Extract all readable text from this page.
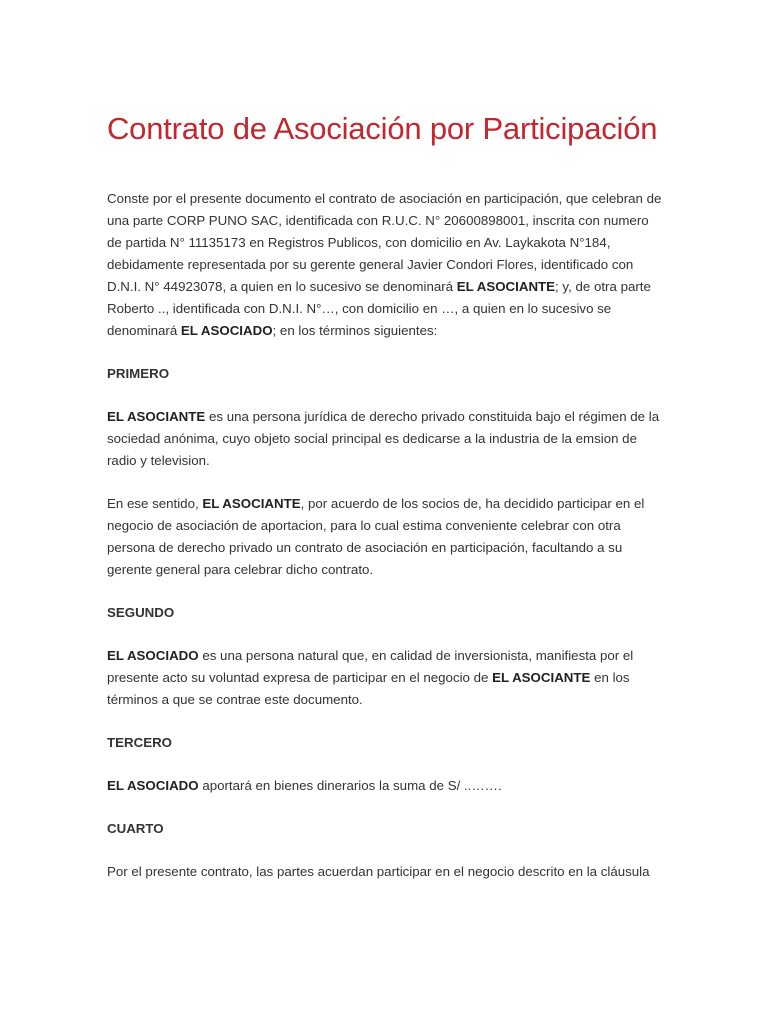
Contrato de Asociación por Participación

Conste por el presente documento el contrato de asociación en participación, que celebran de una parte CORP PUNO SAC, identificada con R.U.C. N° 20600898001, inscrita con numero de partida N° 11135173 en Registros Publicos, con domicilio en Av. Laykakota N°184, debidamente representada por su gerente general Javier Condori Flores, identificado con D.N.I. N° 44923078, a quien en lo sucesivo se denominará EL ASOCIANTE; y, de otra parte Roberto .., identificada con D.N.I. N°…, con domicilio en …, a quien en lo sucesivo se denominará EL ASOCIADO; en los términos siguientes:

PRIMERO

EL ASOCIANTE es una persona jurídica de derecho privado constituida bajo el régimen de la sociedad anónima, cuyo objeto social principal es dedicarse a la industria de la emsion de radio y television.

En ese sentido, EL ASOCIANTE, por acuerdo de los socios de, ha decidido participar en el negocio de asociación de aportacion, para lo cual estima conveniente celebrar con otra persona de derecho privado un contrato de asociación en participación, facultando a su gerente general para celebrar dicho contrato.

SEGUNDO

EL ASOCIADO es una persona natural que, en calidad de inversionista, manifiesta por el presente acto su voluntad expresa de participar en el negocio de EL ASOCIANTE en los términos a que se contrae este documento.

TERCERO

EL ASOCIADO aportará en bienes dinerarios la suma de S/ ..…….

CUARTO

Por el presente contrato, las partes acuerdan participar en el negocio descrito en la cláusula
